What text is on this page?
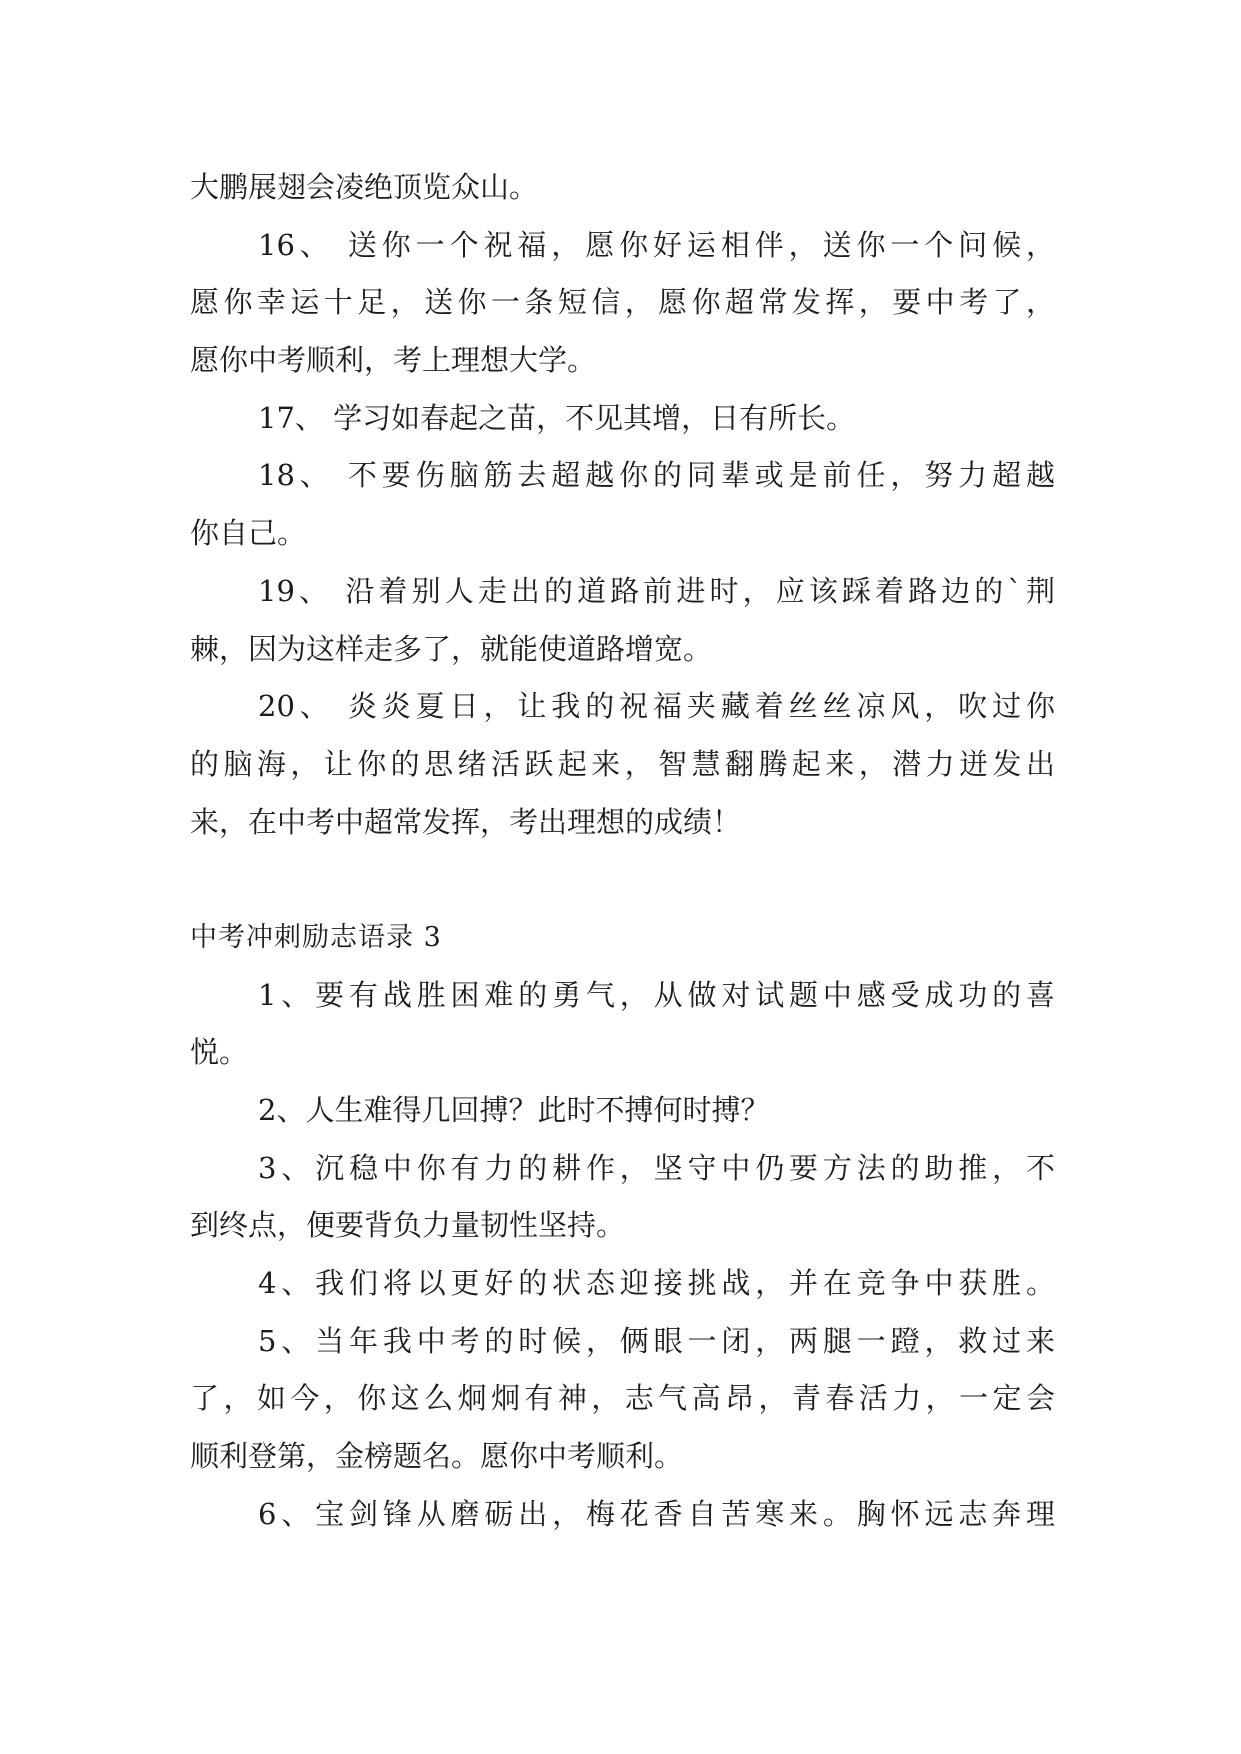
大鹏展翅会凌绝顶览众山。
16、 送你一个祝福，愿你好运相伴，送你一个问候，
愿你幸运十足，送你一条短信，愿你超常发挥，要中考了，
愿你中考顺利，考上理想大学。
17、 学习如春起之苗，不见其增，日有所长。
18、 不要伤脑筋去超越你的同辈或是前任，努力超越
你自己。
19、 沿着别人走出的道路前进时，应该踩着路边的`荆
棘，因为这样走多了，就能使道路增宽。
20、 炎炎夏日，让我的祝福夹藏着丝丝凉风，吹过你
的脑海，让你的思绪活跃起来，智慧翻腾起来，潜力迸发出
来，在中考中超常发挥，考出理想的成绩！
中考冲刺励志语录 3
1、要有战胜困难的勇气，从做对试题中感受成功的喜
悦。
2、人生难得几回搏？此时不搏何时搏？
3、沉稳中你有力的耕作，坚守中仍要方法的助推，不
到终点，便要背负力量韧性坚持。
4、我们将以更好的状态迎接挑战，并在竞争中获胜。
5、当年我中考的时候，俩眼一闭，两腿一蹬，救过来
了，如今，你这么炯炯有神，志气高昂，青春活力，一定会
顺利登第，金榜题名。愿你中考顺利。
6、宝剑锋从磨砺出，梅花香自苦寒来。胸怀远志奔理
